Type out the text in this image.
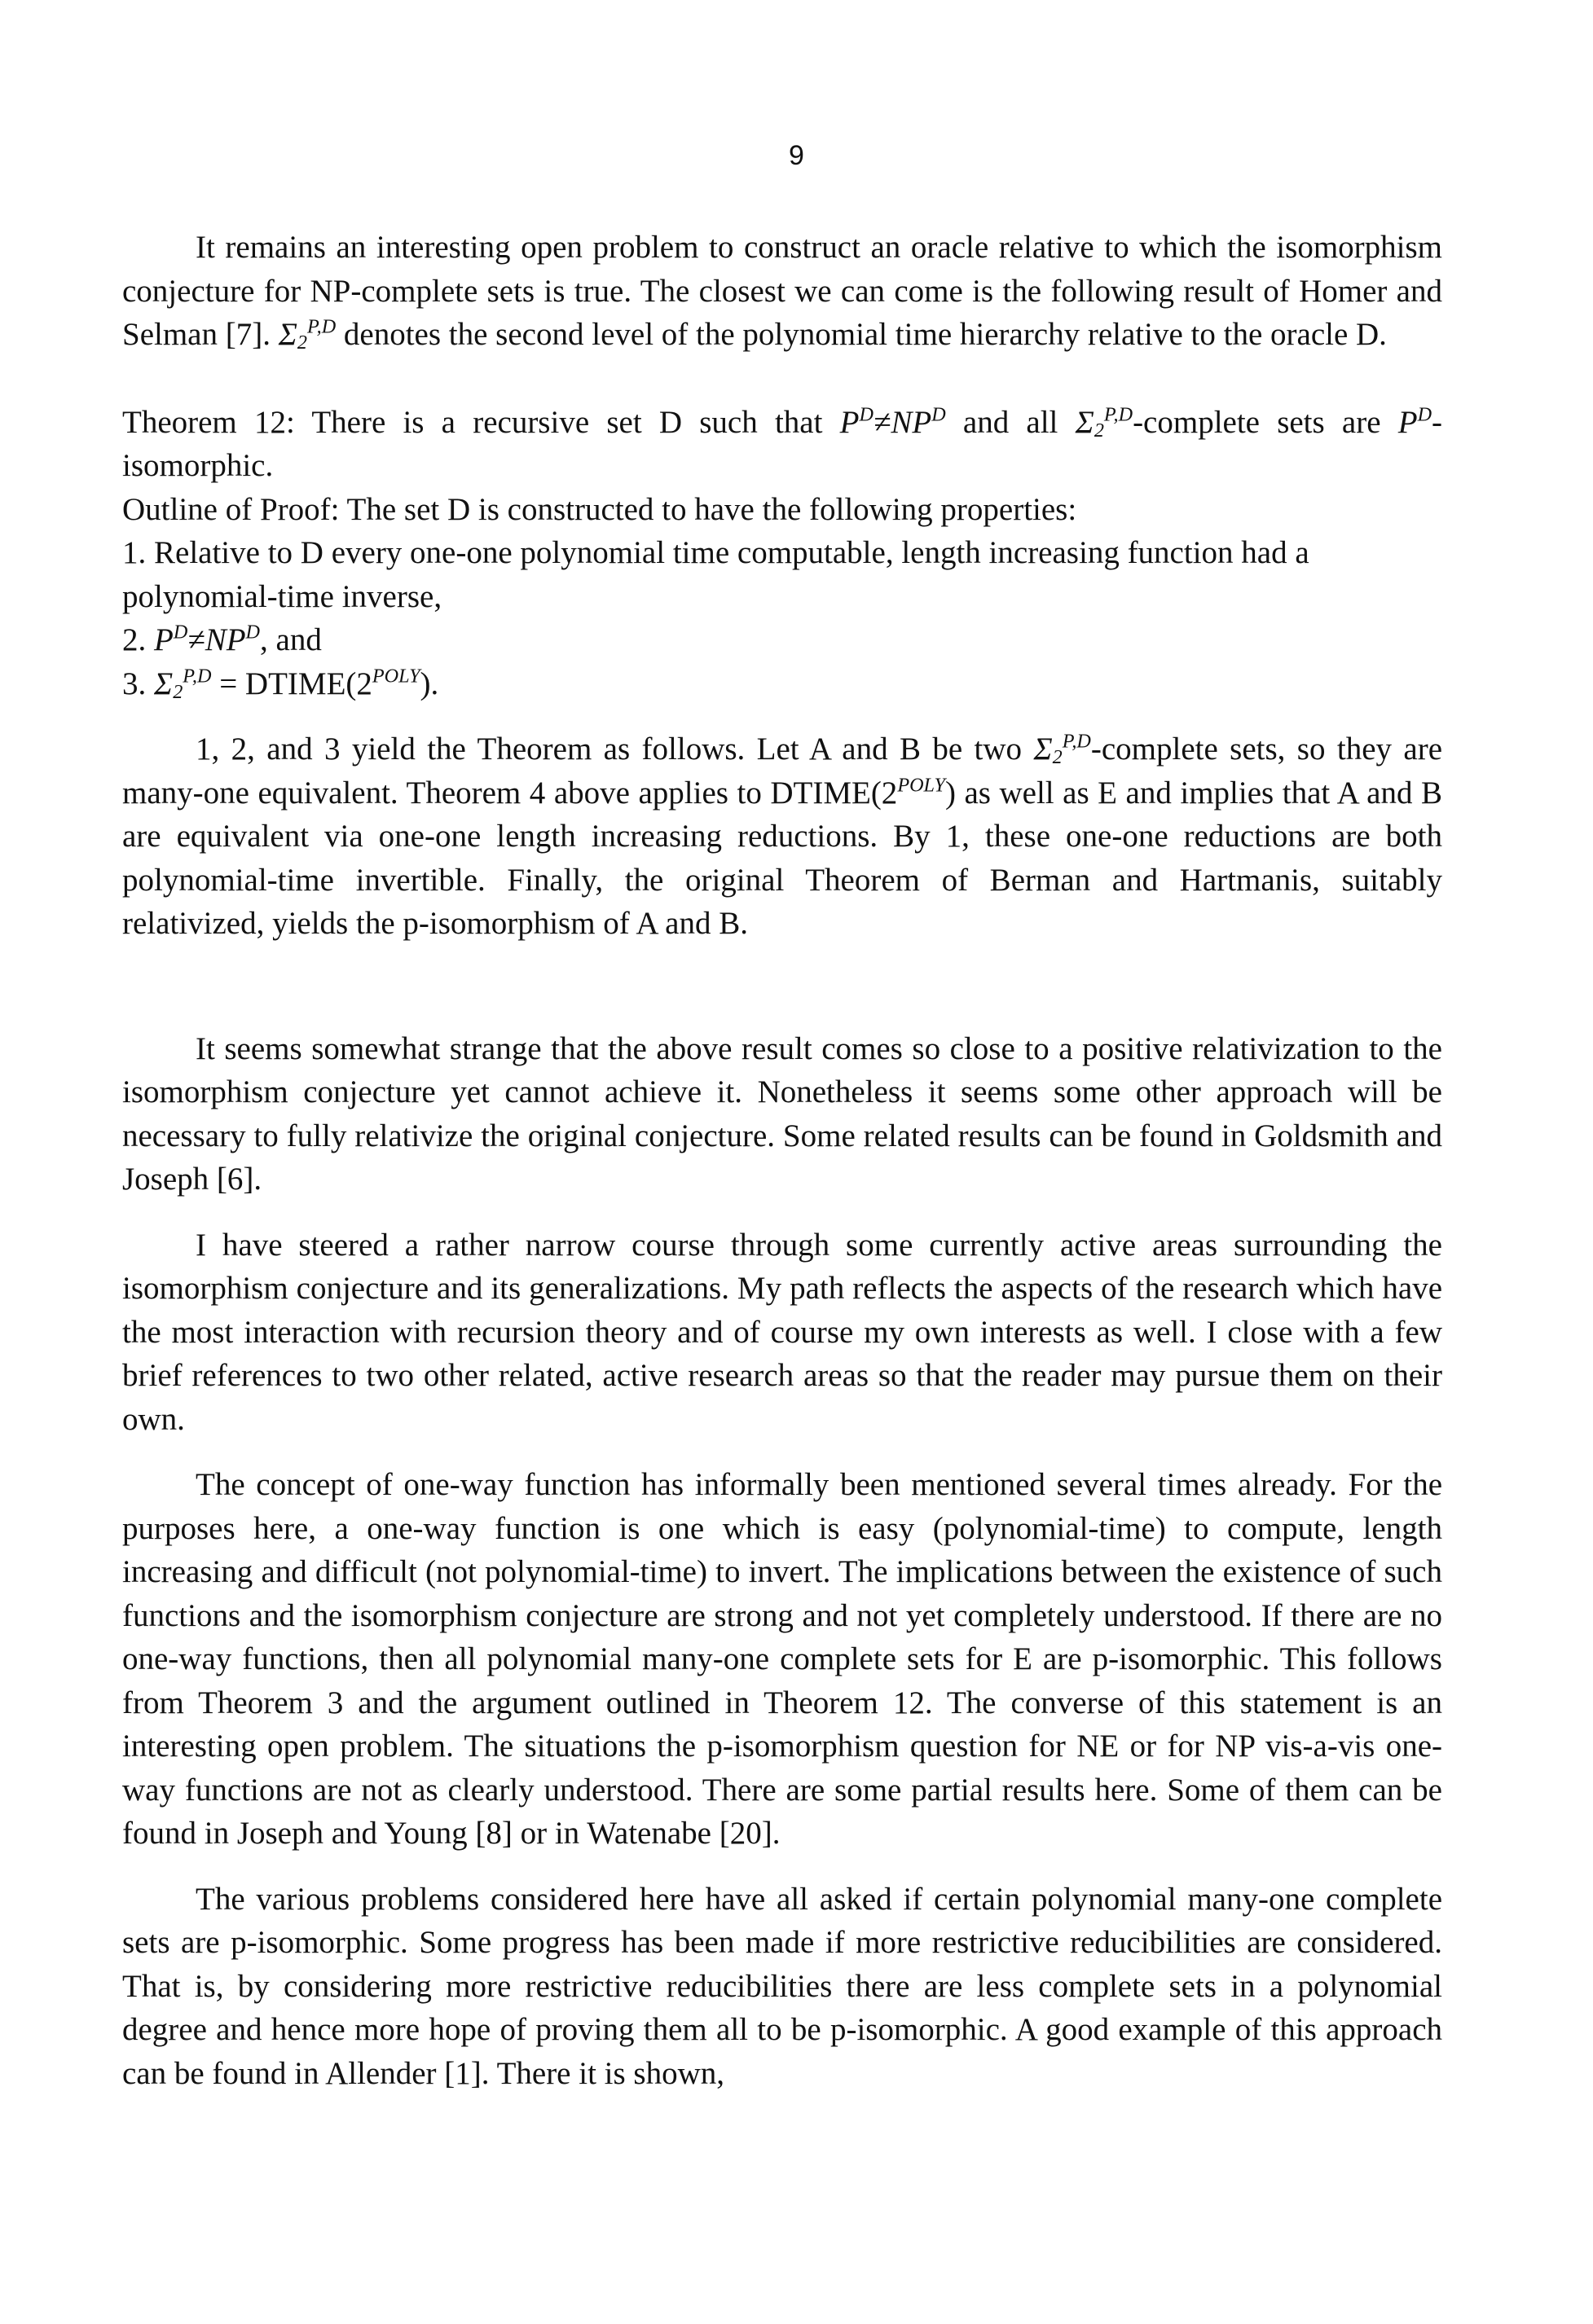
9

It remains an interesting open problem to construct an oracle relative to which the isomorphism conjecture for NP-complete sets is true. The closest we can come is the following result of Homer and Selman [7]. $\Sigma_2^{P,D}$ denotes the second level of the polynomial time hierarchy relative to the oracle D.

Theorem 12: There is a recursive set D such that $P^D\ne NP^D$ and all $\Sigma_2^{P,D}$-complete sets are $P^D$-isomorphic.

Outline of Proof: The set D is constructed to have the following properties:

1. Relative to D every one-one polynomial time computable, length increasing function had a polynomial-time inverse,

2. $P^D\ne NP^D$, and

3. $\Sigma_2^{P,D}$ = $DTIME(2^{POLY})$.

1, 2, and 3 yield the Theorem as follows. Let A and B be two $\Sigma_2^{P,D}$-complete sets, so they are many-one equivalent. Theorem 4 above applies to $DTIME(2^{POLY})$ as well as E and implies that A and B are equivalent via one-one length increasing reductions. By 1, these one-one reductions are both polynomial-time invertible. Finally, the original Theorem of Berman and Hartmanis, suitably relativized, yields the p-isomorphism of A and B.

It seems somewhat strange that the above result comes so close to a positive relativization to the isomorphism conjecture yet cannot achieve it. Nonetheless it seems some other approach will be necessary to fully relativize the original conjecture. Some related results can be found in Goldsmith and Joseph [6].

I have steered a rather narrow course through some currently active areas surrounding the isomorphism conjecture and its generalizations. My path reflects the aspects of the research which have the most interaction with recursion theory and of course my own interests as well. I close with a few brief references to two other related, active research areas so that the reader may pursue them on their own.

The concept of one-way function has informally been mentioned several times already. For the purposes here, a one-way function is one which is easy (polynomial-time) to compute, length increasing and difficult (not polynomial-time) to invert. The implications between the existence of such functions and the isomorphism conjecture are strong and not yet completely understood. If there are no one-way functions, then all polynomial many-one complete sets for E are p-isomorphic. This follows from Theorem 3 and the argument outlined in Theorem 12. The converse of this statement is an interesting open problem. The situations the p-isomorphism question for NE or for NP vis-a-vis one-way functions are not as clearly understood. There are some partial results here. Some of them can be found in Joseph and Young [8] or in Watenabe [20].

The various problems considered here have all asked if certain polynomial many-one complete sets are p-isomorphic. Some progress has been made if more restrictive reducibilities are considered. That is, by considering more restrictive reducibilities there are less complete sets in a polynomial degree and hence more hope of proving them all to be p-isomorphic. A good example of this approach can be found in Allender [1]. There it is shown,
